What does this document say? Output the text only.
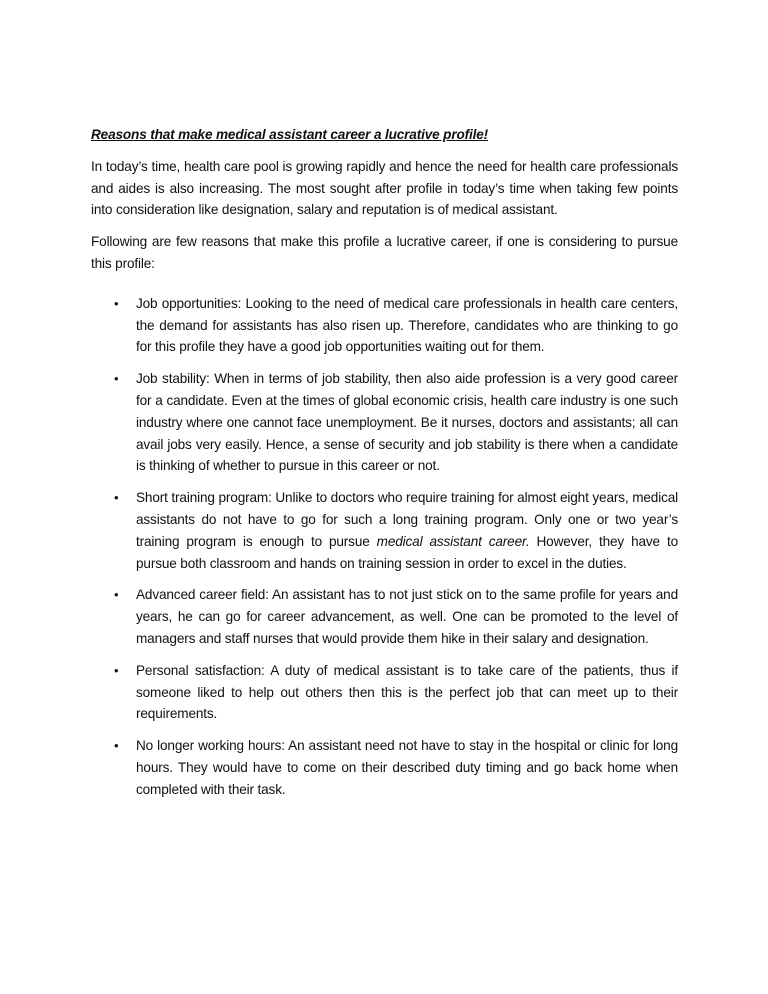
Reasons that make medical assistant career a lucrative profile!

In today’s time, health care pool is growing rapidly and hence the need for health care professionals and aides is also increasing. The most sought after profile in today’s time when taking few points into consideration like designation, salary and reputation is of medical assistant.

Following are few reasons that make this profile a lucrative career, if one is considering to pursue this profile:

• Job opportunities: Looking to the need of medical care professionals in health care centers, the demand for assistants has also risen up. Therefore, candidates who are thinking to go for this profile they have a good job opportunities waiting out for them.
• Job stability: When in terms of job stability, then also aide profession is a very good career for a candidate. Even at the times of global economic crisis, health care industry is one such industry where one cannot face unemployment. Be it nurses, doctors and assistants; all can avail jobs very easily. Hence, a sense of security and job stability is there when a candidate is thinking of whether to pursue in this career or not.
• Short training program: Unlike to doctors who require training for almost eight years, medical assistants do not have to go for such a long training program. Only one or two year’s training program is enough to pursue medical assistant career. However, they have to pursue both classroom and hands on training session in order to excel in the duties.
• Advanced career field: An assistant has to not just stick on to the same profile for years and years, he can go for career advancement, as well. One can be promoted to the level of managers and staff nurses that would provide them hike in their salary and designation.
• Personal satisfaction: A duty of medical assistant is to take care of the patients, thus if someone liked to help out others then this is the perfect job that can meet up to their requirements.
• No longer working hours: An assistant need not have to stay in the hospital or clinic for long hours. They would have to come on their described duty timing and go back home when completed with their task.
